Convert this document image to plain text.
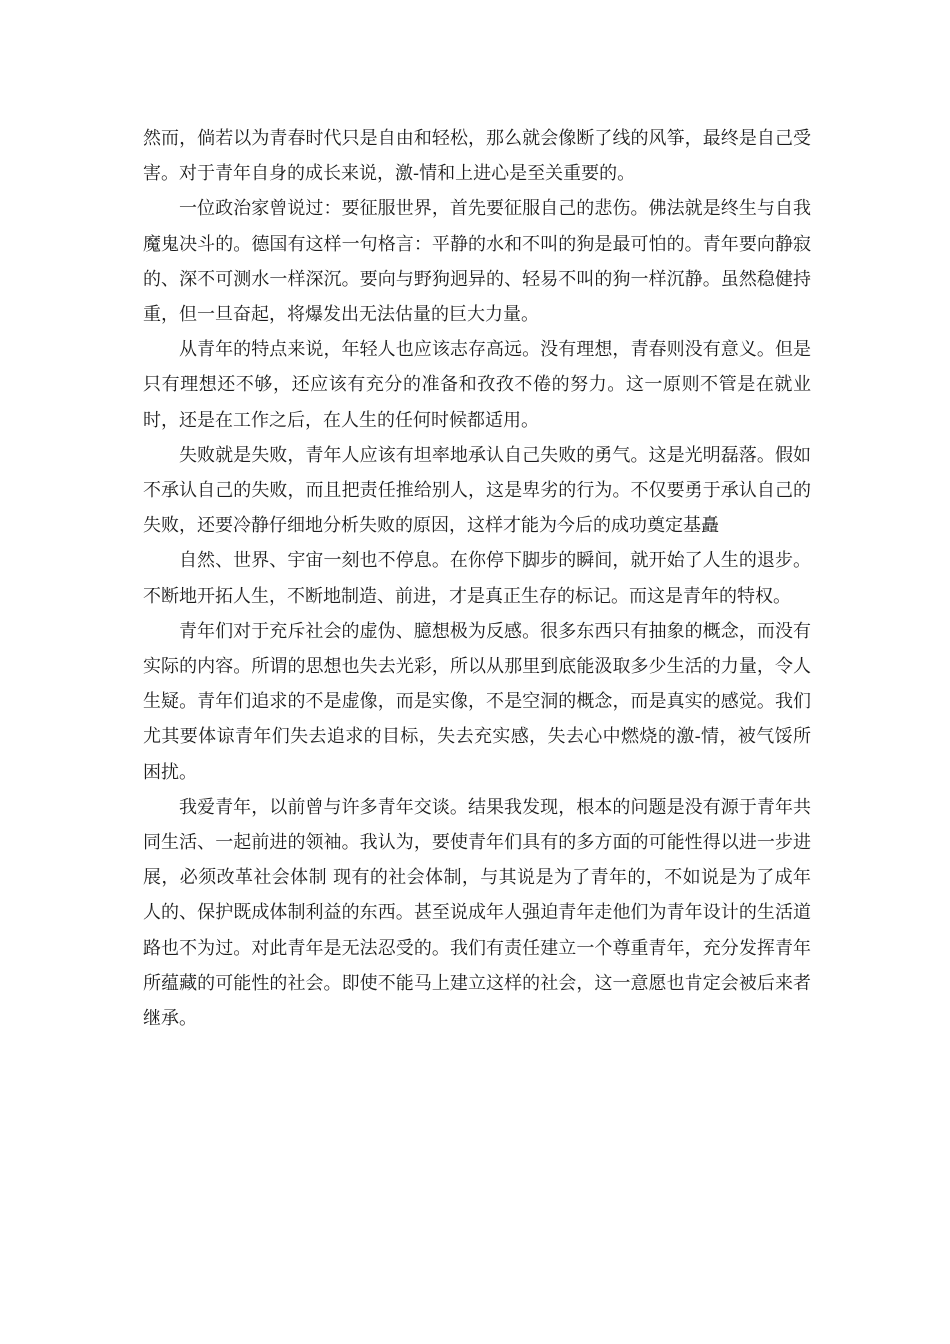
然而，倘若以为青春时代只是自由和轻松，那么就会像断了线的风筝，最终是自己受害。对于青年自身的成长来说，激-情和上进心是至关重要的。

一位政治家曾说过：要征服世界，首先要征服自己的悲伤。佛法就是终生与自我魔鬼决斗的。德国有这样一句格言：平静的水和不叫的狗是最可怕的。青年要向静寂的、深不可测水一样深沉。要向与野狗迥异的、轻易不叫的狗一样沉静。虽然稳健持重，但一旦奋起，将爆发出无法估量的巨大力量。

从青年的特点来说，年轻人也应该志存高远。没有理想，青春则没有意义。但是只有理想还不够，还应该有充分的准备和孜孜不倦的努力。这一原则不管是在就业时，还是在工作之后，在人生的任何时候都适用。

失败就是失败，青年人应该有坦率地承认自己失败的勇气。这是光明磊落。假如不承认自己的失败，而且把责任推给别人，这是卑劣的行为。不仅要勇于承认自己的失败，还要冷静仔细地分析失败的原因，这样才能为今后的成功奠定基矗

自然、世界、宇宙一刻也不停息。在你停下脚步的瞬间，就开始了人生的退步。不断地开拓人生，不断地制造、前进，才是真正生存的标记。而这是青年的特权。

青年们对于充斥社会的虚伪、臆想极为反感。很多东西只有抽象的概念，而没有实际的内容。所谓的思想也失去光彩，所以从那里到底能汲取多少生活的力量，令人生疑。青年们追求的不是虚像，而是实像，不是空洞的概念，而是真实的感觉。我们尤其要体谅青年们失去追求的目标，失去充实感，失去心中燃烧的激-情，被气馁所困扰。

我爱青年，以前曾与许多青年交谈。结果我发现，根本的问题是没有源于青年共同生活、一起前进的领袖。我认为，要使青年们具有的多方面的可能性得以进一步进展，必须改革社会体制 现有的社会体制，与其说是为了青年的，不如说是为了成年人的、保护既成体制利益的东西。甚至说成年人强迫青年走他们为青年设计的生活道路也不为过。对此青年是无法忍受的。我们有责任建立一个尊重青年，充分发挥青年所蕴藏的可能性的社会。即使不能马上建立这样的社会，这一意愿也肯定会被后来者继承。
